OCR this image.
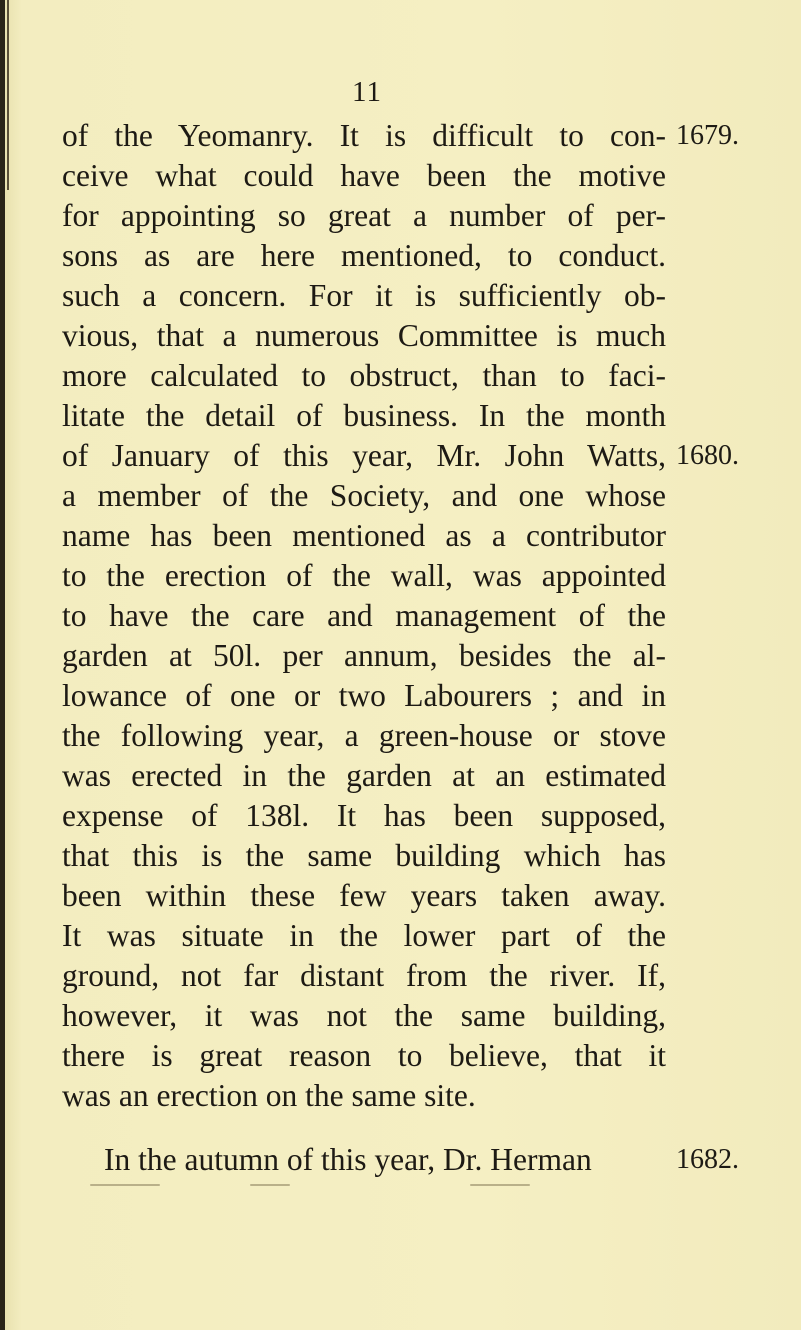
11
of the Yeomanry. It is difficult to con- 1679.
ceive what could have been the motive
for appointing so great a number of per-
sons as are here mentioned, to conduct.
such a concern. For it is sufficiently ob-
vious, that a numerous Committee is much
more calculated to obstruct, than to faci-
litate the detail of business. In the month
of January of this year, Mr. John Watts, 1680.
a member of the Society, and one whose
name has been mentioned as a contributor
to the erection of the wall, was appointed
to have the care and management of the
garden at 50l. per annum, besides the al-
lowance of one or two Labourers ; and in
the following year, a green-house or stove
was erected in the garden at an estimated
expense of 138l. It has been supposed,
that this is the same building which has
been within these few years taken away.
It was situate in the lower part of the
ground, not far distant from the river. If,
however, it was not the same building,
there is great reason to believe, that it
was an erection on the same site.
In the autumn of this year, Dr. Herman	1682.
